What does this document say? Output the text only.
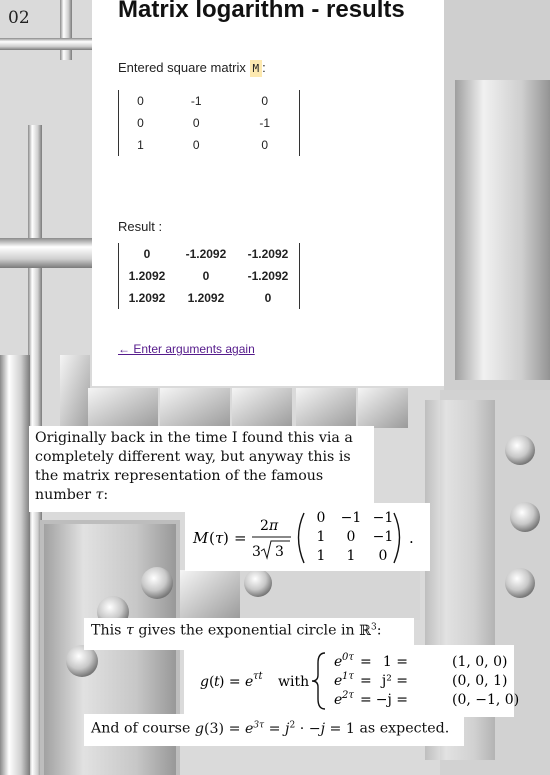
02	Matrix logarithm - results
Entered square matrix M :
0	-1	0
0	0	-1
1	0	0
Result :
0	-1.2092	-1.2092
1.2092	0	-1.2092
1.2092	1.2092	0
← Enter arguments again

Originally back in the time I found this via a
completely different way, but anyway this is
the matrix representation of the famous
number τ:

M ( τ ) =
2 π
3 3
0 −1 −1
1 0 −1
1 1 0
.

This τ gives the exponential circle in ℝ$^3$:

g ( t ) = e τt with
e 0τ = 1 =	(1, 0, 0)
e 1τ = j² =	(0, 0, 1)
e 2τ = −j =	(0, −1, 0)

And of course $g(3) = e^{3\tau} = j^2 \cdot -j = 1$ as expected.
